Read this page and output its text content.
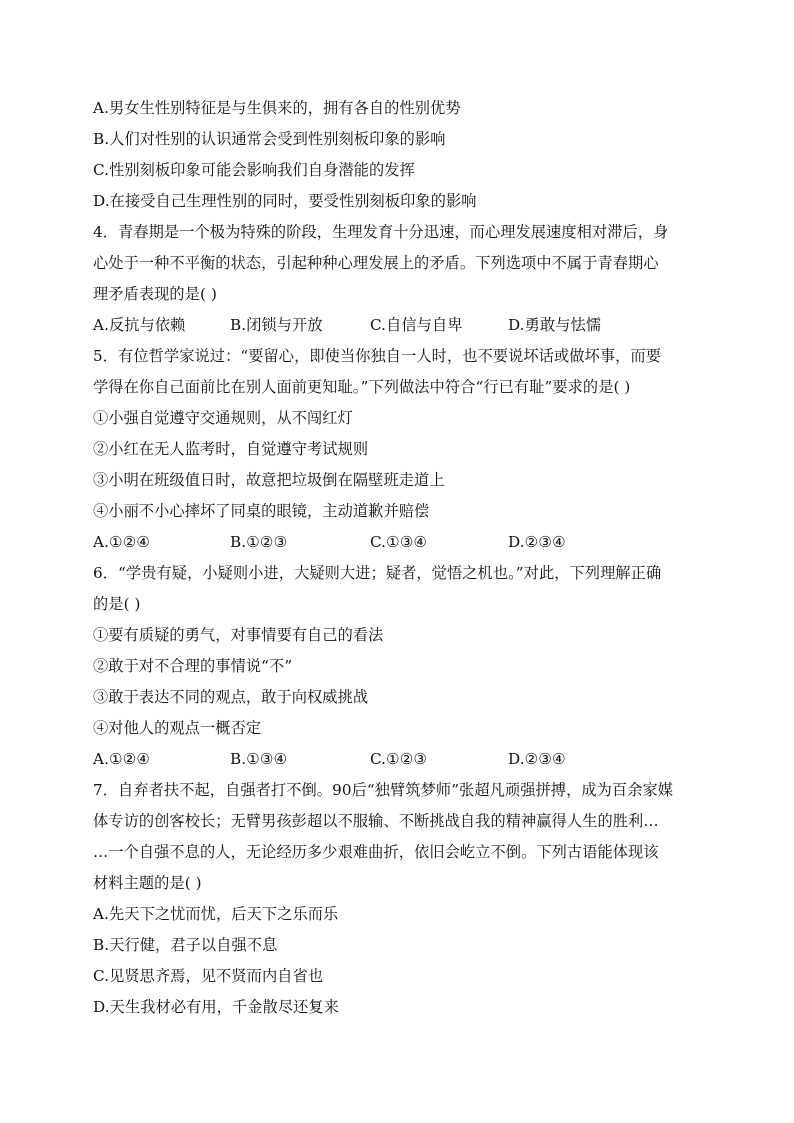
A.男女生性别特征是与生俱来的，拥有各自的性别优势
B.人们对性别的认识通常会受到性别刻板印象的影响
C.性别刻板印象可能会影响我们自身潜能的发挥
D.在接受自己生理性别的同时，要受性别刻板印象的影响
4．青春期是一个极为特殊的阶段，生理发育十分迅速，而心理发展速度相对滞后，身
心处于一种不平衡的状态，引起种种心理发展上的矛盾。下列选项中不属于青春期心
理矛盾表现的是( )
A.反抗与依赖	B.闭锁与开放	C.自信与自卑	D.勇敢与怯懦
5．有位哲学家说过：“要留心，即使当你独自一人时，也不要说坏话或做坏事，而要
学得在你自己面前比在别人面前更知耻。”下列做法中符合“行已有耻”要求的是( )
①小强自觉遵守交通规则，从不闯红灯
②小红在无人监考时，自觉遵守考试规则
③小明在班级值日时，故意把垃圾倒在隔壁班走道上
④小丽不小心摔坏了同桌的眼镜，主动道歉并赔偿
A.①②④	B.①②③	C.①③④	D.②③④
6．“学贵有疑，小疑则小进，大疑则大进；疑者，觉悟之机也。”对此，下列理解正确
的是( )
①要有质疑的勇气，对事情要有自己的看法
②敢于对不合理的事情说“不”
③敢于表达不同的观点，敢于向权威挑战
④对他人的观点一概否定
A.①②④	B.①③④	C.①②③	D.②③④
7．自弃者扶不起，自强者打不倒。90后“独臂筑梦师”张超凡顽强拼搏，成为百余家媒
体专访的创客校长；无臂男孩彭超以不服输、不断挑战自我的精神赢得人生的胜利…
…一个自强不息的人，无论经历多少艰难曲折，依旧会屹立不倒。下列古语能体现该
材料主题的是( )
A.先天下之忧而忧，后天下之乐而乐
B.天行健，君子以自强不息
C.见贤思齐焉，见不贤而内自省也
D.天生我材必有用，千金散尽还复来
